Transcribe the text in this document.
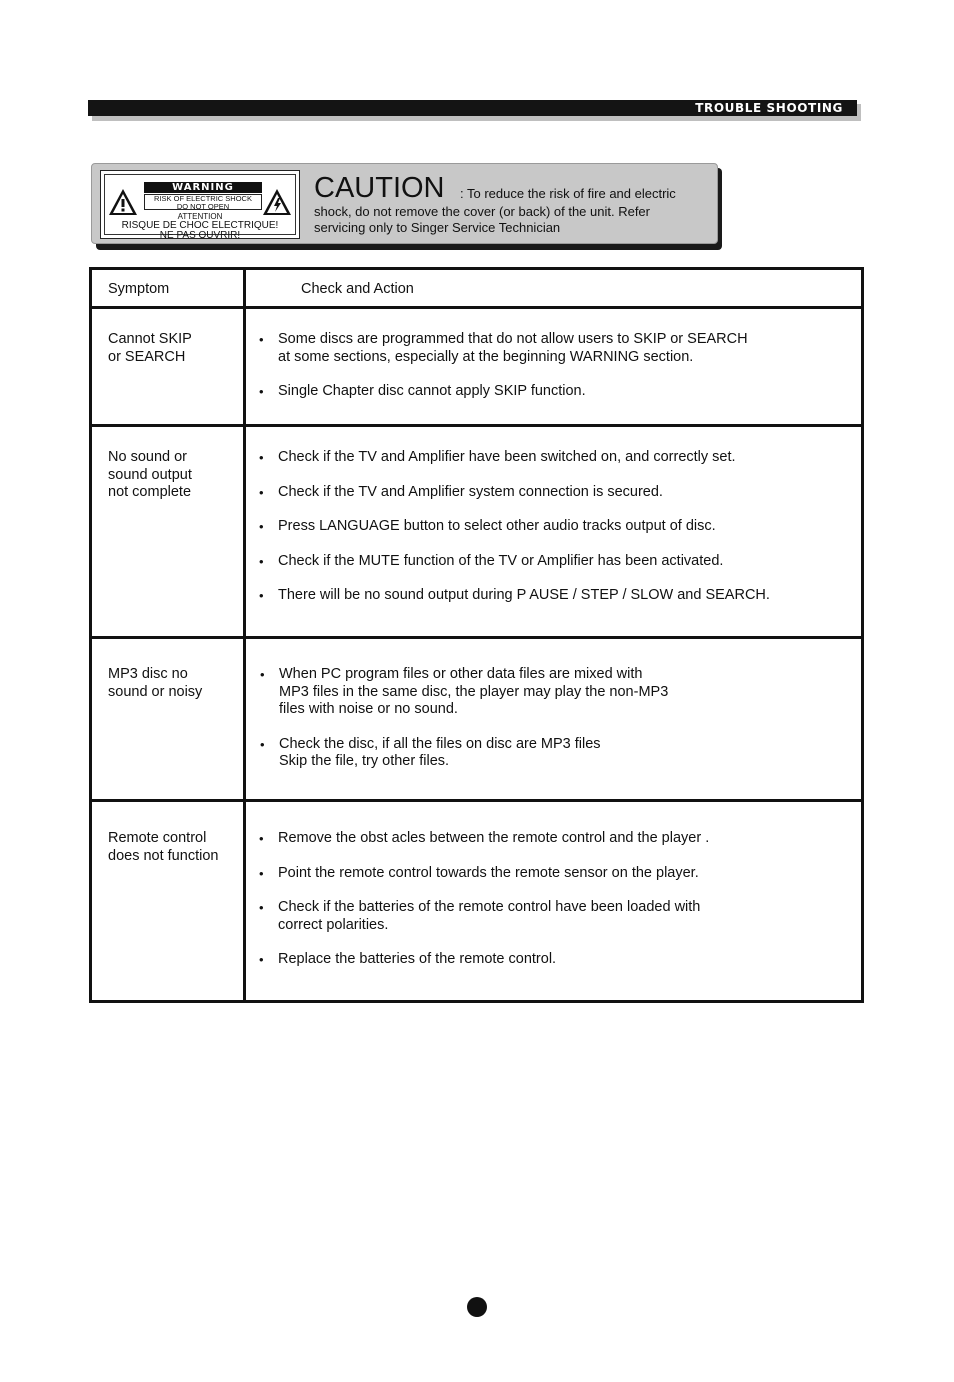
TROUBLE SHOOTING
WARNING
RISK OF ELECTRIC SHOCK
DO NOT OPEN
ATTENTION
RISQUE DE CHOC ELECTRIQUE!
NE PAS OUVRIR!
CAUTION : To reduce the risk of fire and electric
shock, do not remove the cover (or back) of the unit. Refer
servicing only to Singer Service Technician
Symptom	Check and Action
Cannot SKIP
or SEARCH
• Some discs are programmed that do not allow users to SKIP or SEARCH
at some sections, especially at the beginning WARNING section.
• Single Chapter disc cannot apply SKIP function.
No sound or
sound output
not complete
• Check if the TV and Amplifier have been switched on, and correctly set.
• Check if the TV and Amplifier system connection is secured.
• Press LANGUAGE button to select other audio tracks output of disc.
• Check if the MUTE function of the TV or Amplifier has been activated.
• There will be no sound output during P AUSE / STEP / SLOW and SEARCH.
MP3 disc no
sound or noisy
• When PC program files or other data files are mixed with
MP3 files in the same disc, the player may play the non-MP3
files with noise or no sound.
• Check the disc, if all the files on disc are MP3 files
Skip the file, try other files.
Remote control
does not function
• Remove the obst acles between the remote control and the player .
• Point the remote control towards the remote sensor on the player.
• Check if the batteries of the remote control have been loaded with
correct polarities.
• Replace the batteries of the remote control.
